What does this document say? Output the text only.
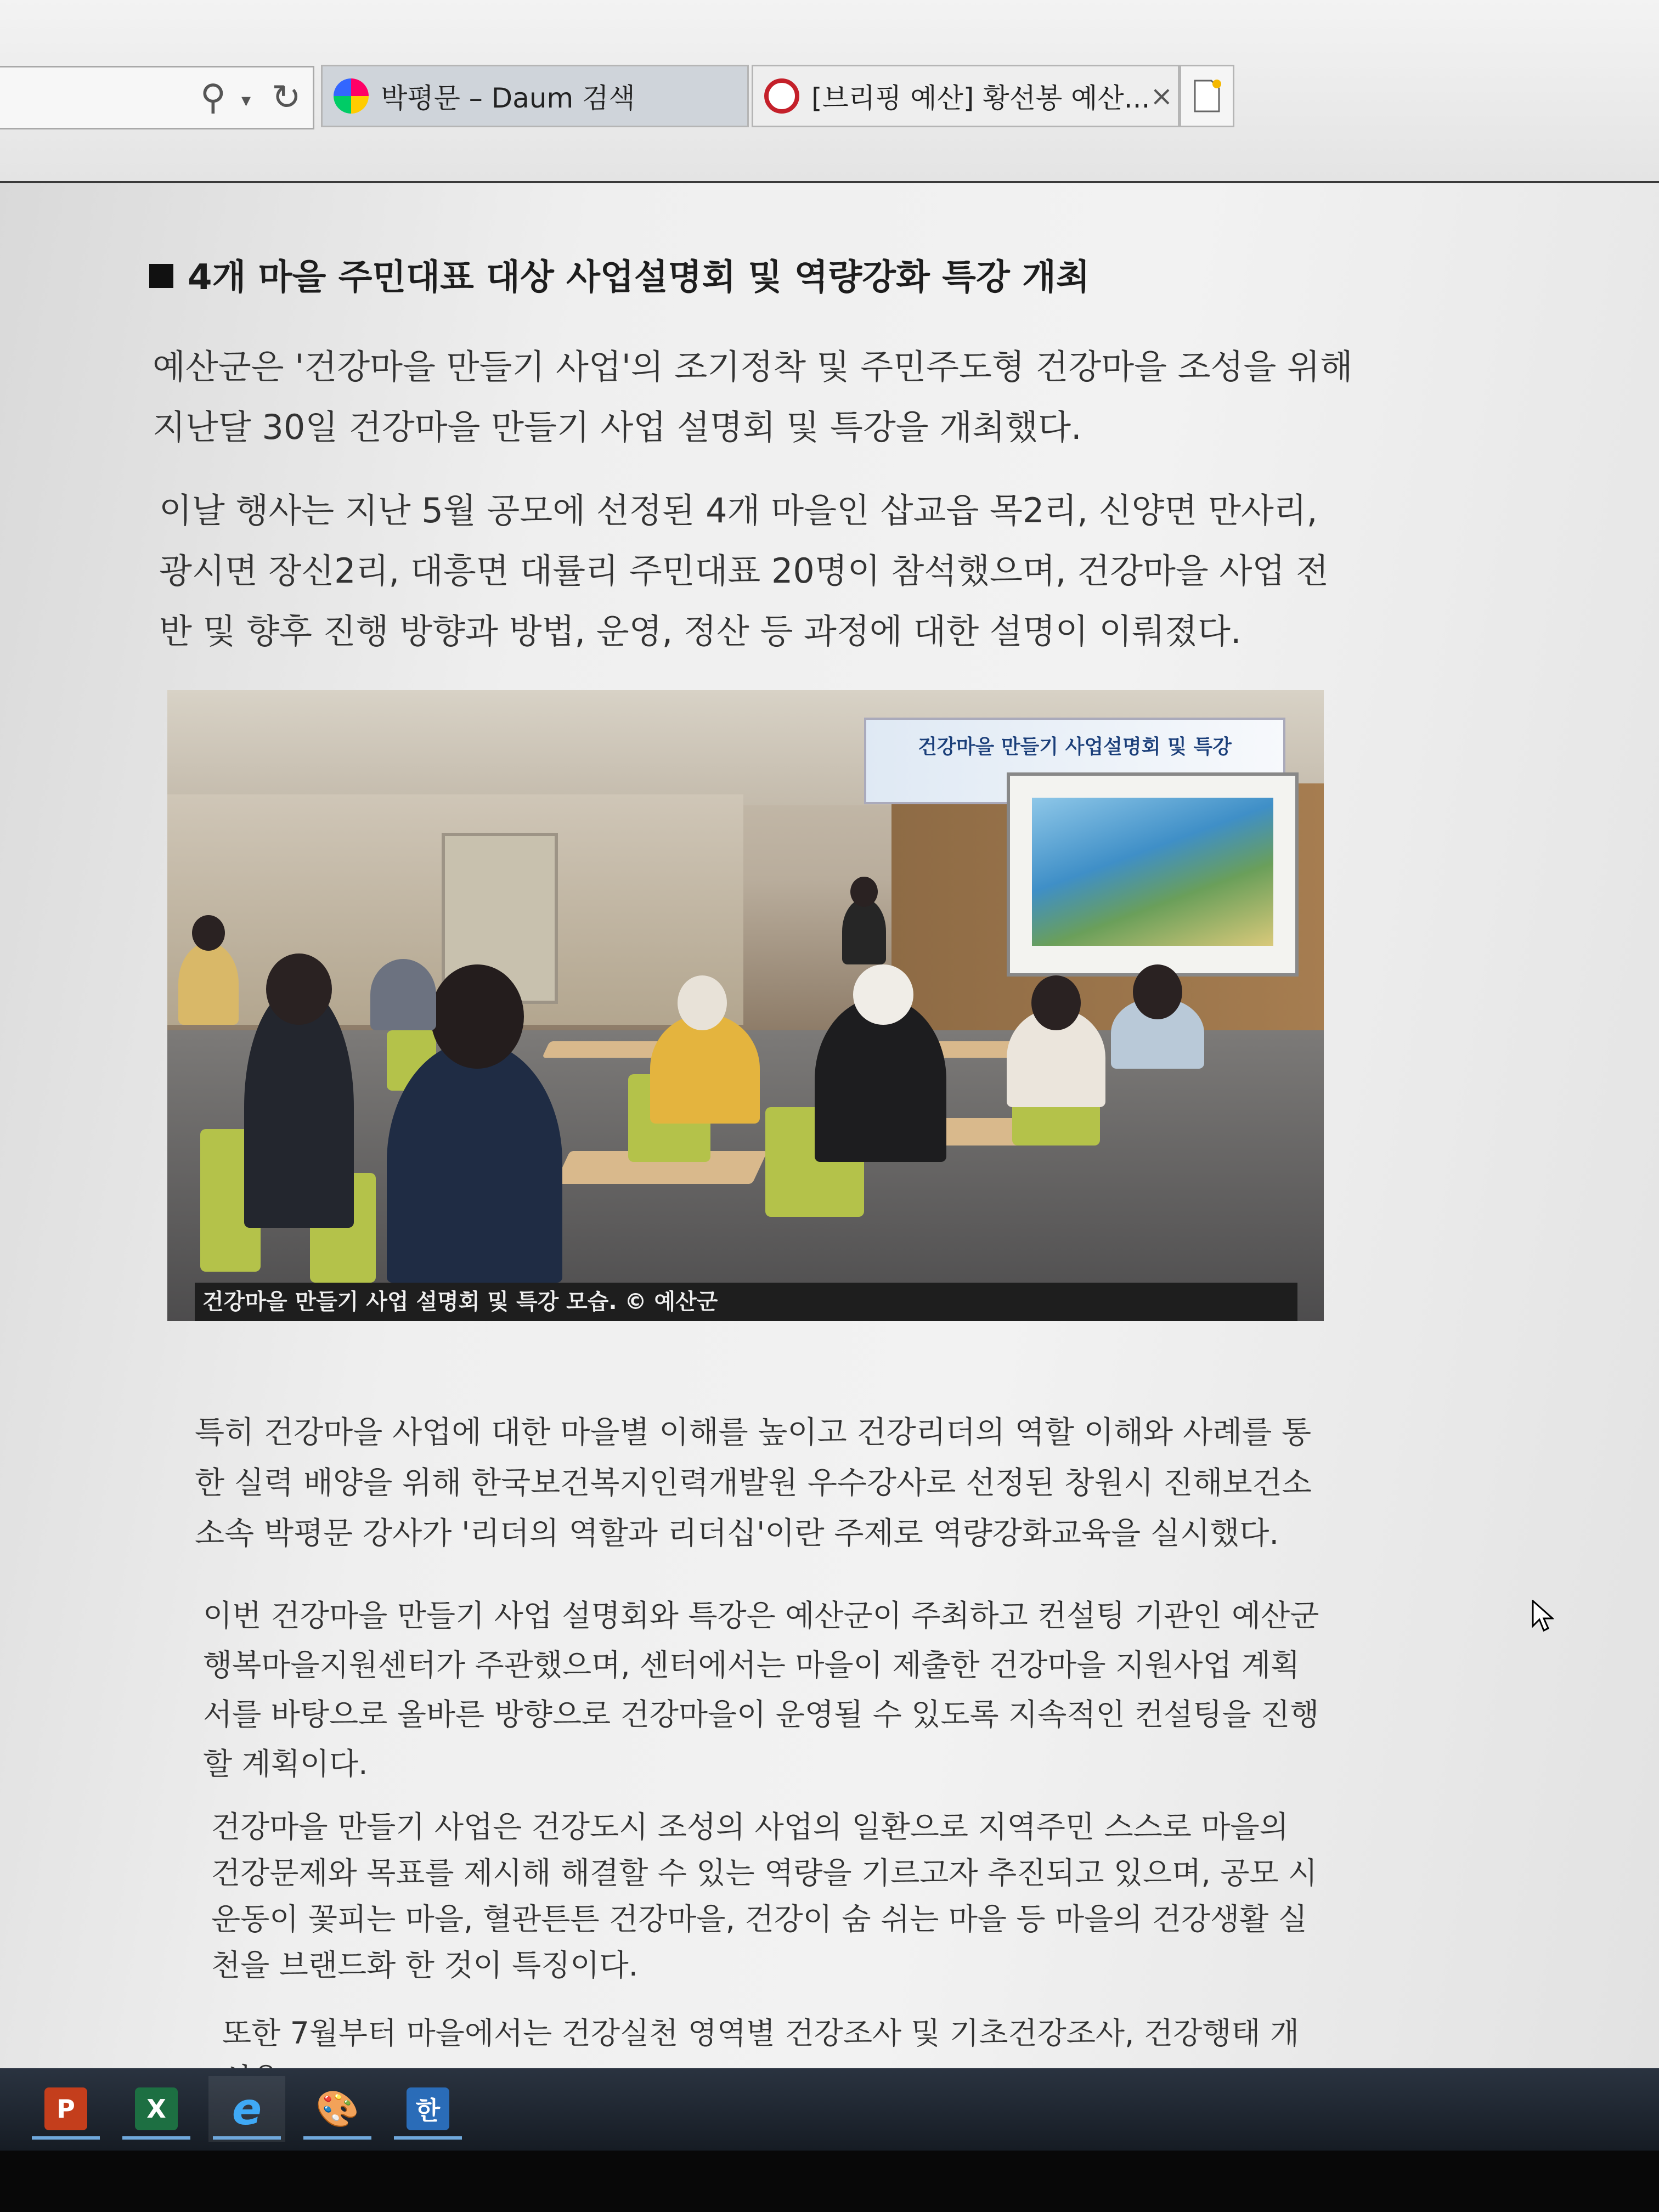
⚲ ▾ ↻	박평문 – Daum 검색	[브리핑 예산] 황선봉 예산... ×
4개 마을 주민대표 대상 사업설명회 및 역량강화 특강 개최
예산군은 '건강마을 만들기 사업'의 조기정착 및 주민주도형 건강마을 조성을 위해 지난달 30일 건강마을 만들기 사업 설명회 및 특강을 개최했다.
이날 행사는 지난 5월 공모에 선정된 4개 마을인 삽교읍 목2리, 신양면 만사리, 광시면 장신2리, 대흥면 대률리 주민대표 20명이 참석했으며, 건강마을 사업 전반 및 향후 진행 방향과 방법, 운영, 정산 등 과정에 대한 설명이 이뤄졌다.
건강마을 만들기 사업설명회 및 특강
건강마을 만들기 사업 설명회 및 특강 모습. © 예산군
특히 건강마을 사업에 대한 마을별 이해를 높이고 건강리더의 역할 이해와 사례를 통한 실력 배양을 위해 한국보건복지인력개발원 우수강사로 선정된 창원시 진해보건소 소속 박평문 강사가 '리더의 역할과 리더십'이란 주제로 역량강화교육을 실시했다.
이번 건강마을 만들기 사업 설명회와 특강은 예산군이 주최하고 컨설팅 기관인 예산군행복마을지원센터가 주관했으며, 센터에서는 마을이 제출한 건강마을 지원사업 계획서를 바탕으로 올바른 방향으로 건강마을이 운영될 수 있도록 지속적인 컨설팅을 진행할 계획이다.
건강마을 만들기 사업은 건강도시 조성의 사업의 일환으로 지역주민 스스로 마을의 건강문제와 목표를 제시해 해결할 수 있는 역량을 기르고자 추진되고 있으며, 공모 시 운동이 꽃피는 마을, 혈관튼튼 건강마을, 건강이 숨 쉬는 마을 등 마을의 건강생활 실천을 브랜드화 한 것이 특징이다.
또한 7월부터 마을에서는 건강실천 영역별 건강조사 및 기초건강조사, 건강행태 개
P	X e 🎨	한
